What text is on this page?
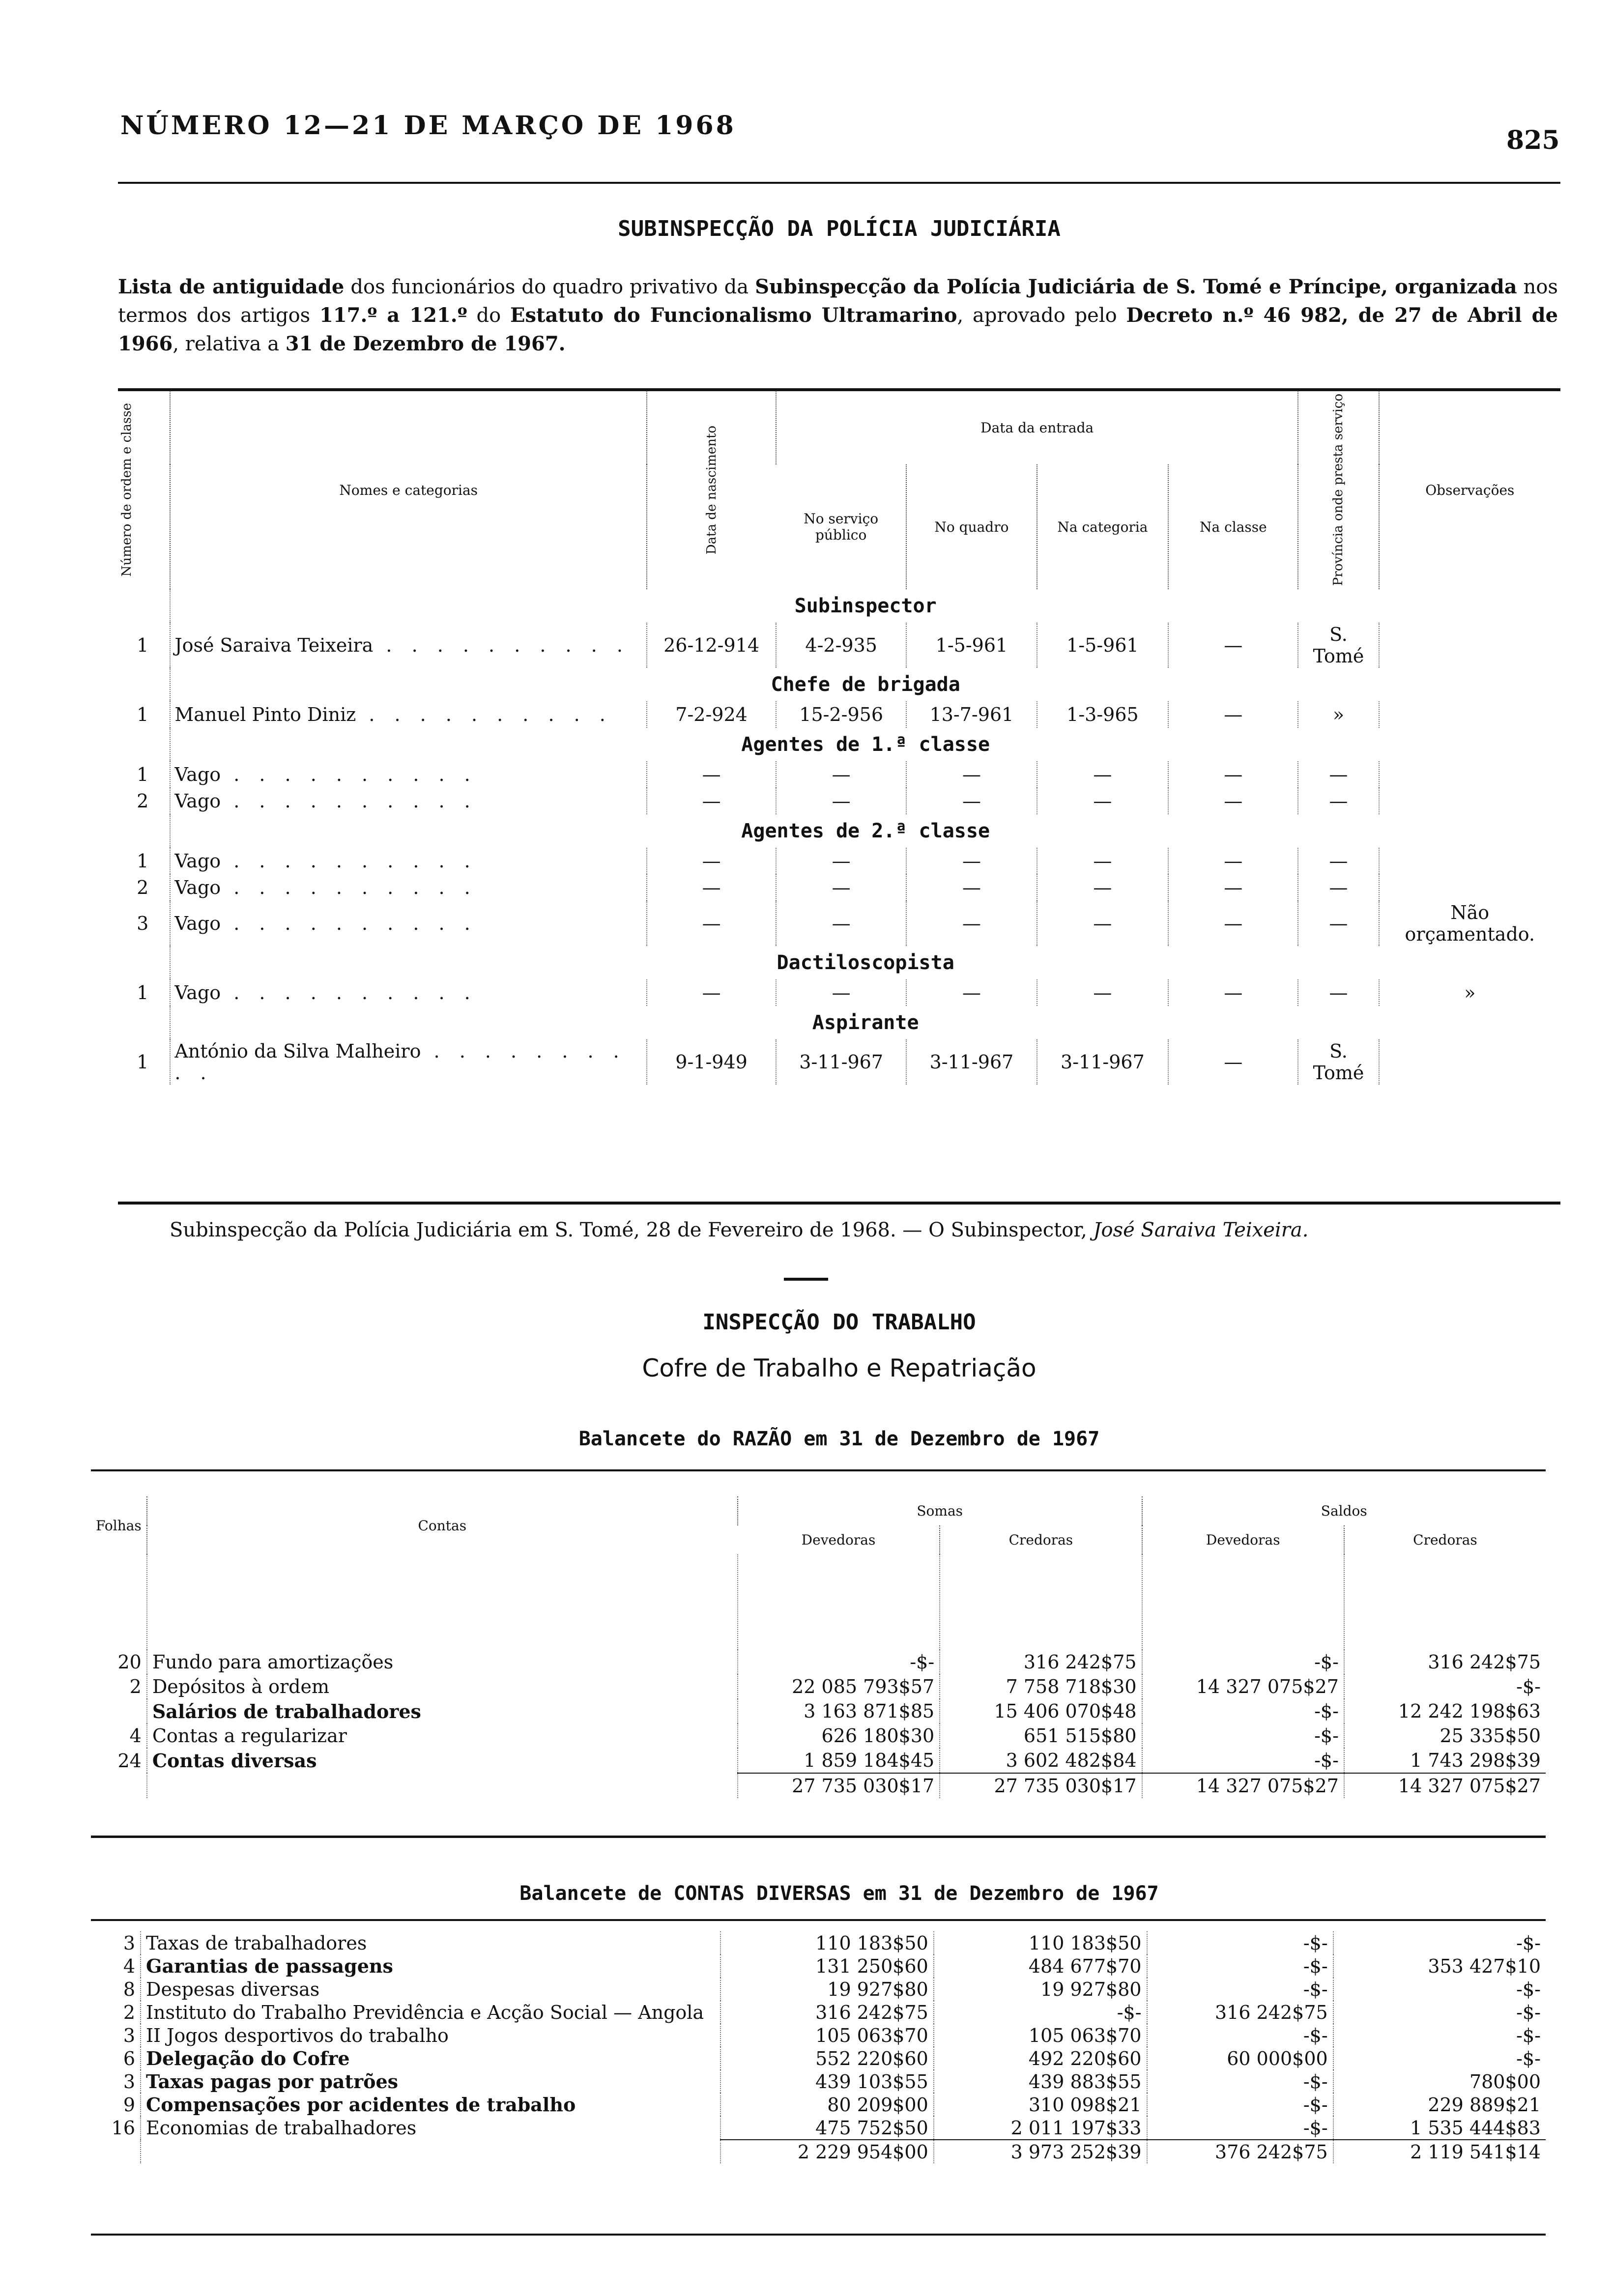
NÚMERO 12—21 DE MARÇO DE 1968	825
SUBINSPECÇÃO DA POLÍCIA JUDICIÁRIA
Lista de antiguidade dos funcionários do quadro privativo da Subinspecção da Polícia Judiciária de S. Tomé e Príncipe, organizada nos termos dos artigos 117.º a 121.º do Estatuto do Funcionalismo Ultramarino, aprovado pelo Decreto n.º 46 982, de 27 de Abril de 1966, relativa a 31 de Dezembro de 1967.
Número de ordem e classe	Nomes e categorias	Data de nascimento	Data da entrada				Província onde presta serviço	Observações
			No serviço público	No quadro	Na categoria	Na classe		
	Subinspector							
1	José Saraiva Teixeira . . . . . . . . . .	26-12-914	4-2-935	1-5-961	1-5-961	—	S. Tomé	
	Chefe de brigada							
1	Manuel Pinto Diniz . . . . . . . . . .	7-2-924	15-2-956	13-7-961	1-3-965	—	»	
	Agentes de 1.ª classe							
1	Vago . . . . . . . . . .	—	—	—	—	—	—	
2	Vago . . . . . . . . . .	—	—	—	—	—	—	
	Agentes de 2.ª classe							
1	Vago . . . . . . . . . .	—	—	—	—	—	—	
2	Vago . . . . . . . . . .	—	—	—	—	—	—	
3	Vago . . . . . . . . . .	—	—	—	—	—	—	Não orçamentado.
	Dactiloscopista							
1	Vago . . . . . . . . . .	—	—	—	—	—	—	»
	Aspirante							
1	António da Silva Malheiro . . . . . . . . . .	9-1-949	3-11-967	3-11-967	3-11-967	—	S. Tomé	
Subinspecção da Polícia Judiciária em S. Tomé, 28 de Fevereiro de 1968. — O Subinspector, José Saraiva Teixeira.
INSPECÇÃO DO TRABALHO
Cofre de Trabalho e Repatriação
Balancete do RAZÃO em 31 de Dezembro de 1967
Folhas	Contas	Somas		Saldos	
		Devedoras	Credoras	Devedoras	Credoras

20	Fundo para amortizações	-$-	316 242$75	-$-	316 242$75
2	Depósitos à ordem	22 085 793$57	7 758 718$30	14 327 075$27	-$-
	Salários de trabalhadores	3 163 871$85	15 406 070$48	-$-	12 242 198$63
4	Contas a regularizar	626 180$30	651 515$80	-$-	25 335$50
24	Contas diversas	1 859 184$45	3 602 482$84	-$-	1 743 298$39
		27 735 030$17	27 735 030$17	14 327 075$27	14 327 075$27
Balancete de CONTAS DIVERSAS em 31 de Dezembro de 1967
3	Taxas de trabalhadores	110 183$50	110 183$50	-$-	-$-
4	Garantias de passagens	131 250$60	484 677$70	-$-	353 427$10
8	Despesas diversas	19 927$80	19 927$80	-$-	-$-
2	Instituto do Trabalho Previdência e Acção Social — Angola	316 242$75	-$-	316 242$75	-$-
3	II Jogos desportivos do trabalho	105 063$70	105 063$70	-$-	-$-
6	Delegação do Cofre	552 220$60	492 220$60	60 000$00	-$-
3	Taxas pagas por patrões	439 103$55	439 883$55	-$-	780$00
9	Compensações por acidentes de trabalho	80 209$00	310 098$21	-$-	229 889$21
16	Economias de trabalhadores	475 752$50	2 011 197$33	-$-	1 535 444$83
		2 229 954$00	3 973 252$39	376 242$75	2 119 541$14
